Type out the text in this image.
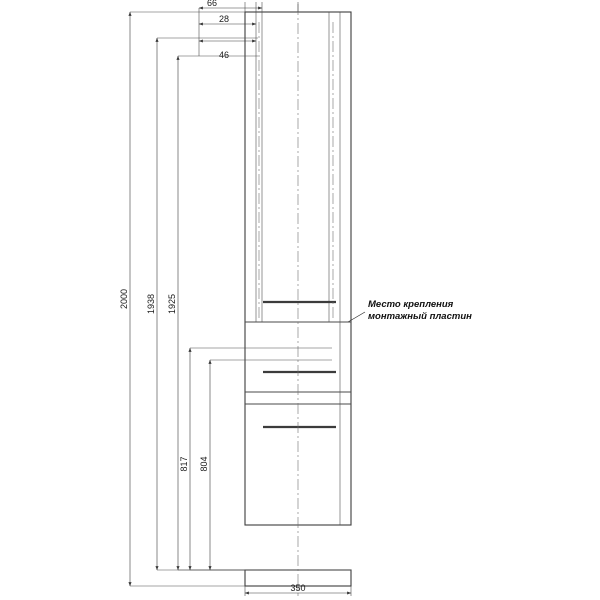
66
28
46
2000 1938 1925
817 804
350
Место крепления
монтажный пластин
